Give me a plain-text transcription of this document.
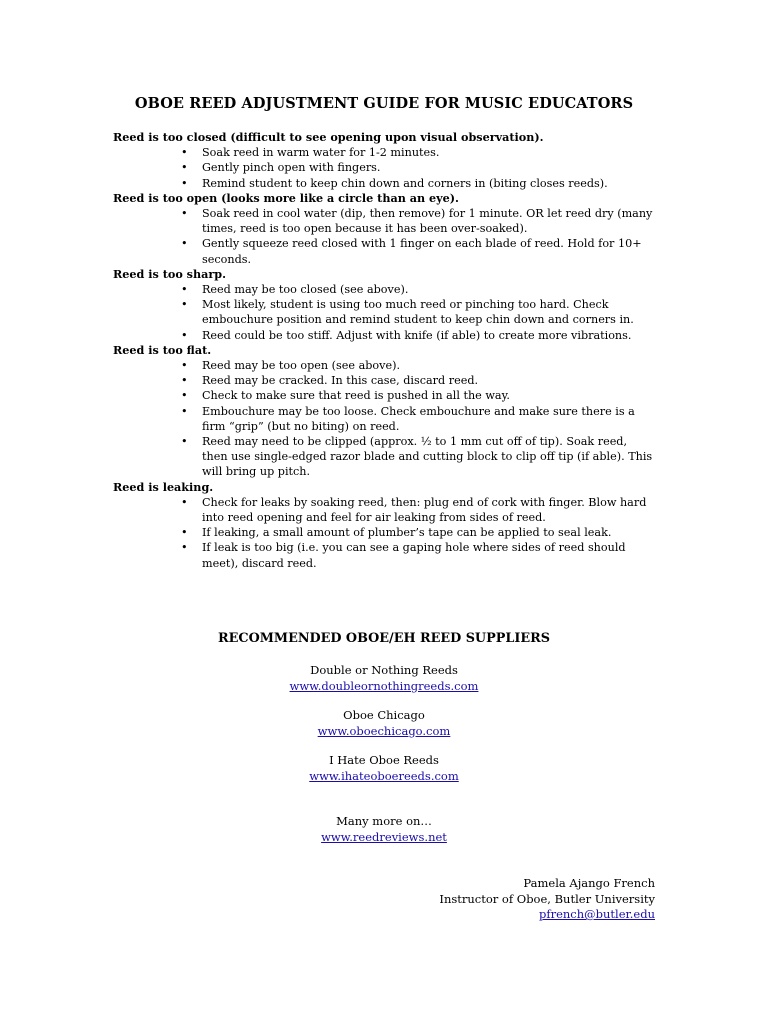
OBOE REED ADJUSTMENT GUIDE FOR MUSIC EDUCATORS

Reed is too closed (difficult to see opening upon visual observation).

• Soak reed in warm water for 1-2 minutes.
• Gently pinch open with fingers.
• Remind student to keep chin down and corners in (biting closes reeds).

Reed is too open (looks more like a circle than an eye).

• Soak reed in cool water (dip, then remove) for 1 minute. OR let reed dry (many times, reed is too open because it has been over-soaked).
• Gently squeeze reed closed with 1 finger on each blade of reed. Hold for 10+ seconds.

Reed is too sharp.

• Reed may be too closed (see above).
• Most likely, student is using too much reed or pinching too hard. Check embouchure position and remind student to keep chin down and corners in.
• Reed could be too stiff. Adjust with knife (if able) to create more vibrations.

Reed is too flat.

• Reed may be too open (see above).
• Reed may be cracked. In this case, discard reed.
• Check to make sure that reed is pushed in all the way.
• Embouchure may be too loose. Check embouchure and make sure there is a firm “grip” (but no biting) on reed.
• Reed may need to be clipped (approx. ½ to 1 mm cut off of tip). Soak reed, then use single-edged razor blade and cutting block to clip off tip (if able). This will bring up pitch.

Reed is leaking.

• Check for leaks by soaking reed, then: plug end of cork with finger. Blow hard into reed opening and feel for air leaking from sides of reed.
• If leaking, a small amount of plumber’s tape can be applied to seal leak.
• If leak is too big (i.e. you can see a gaping hole where sides of reed should meet), discard reed.
RECOMMENDED OBOE/EH REED SUPPLIERS
Double or Nothing Reeds
www.doubleornothingreeds.com
Oboe Chicago
www.oboechicago.com
I Hate Oboe Reeds
www.ihateoboereeds.com
Many more on…
www.reedreviews.net
Pamela Ajango French
Instructor of Oboe, Butler University
pfrench@butler.edu
